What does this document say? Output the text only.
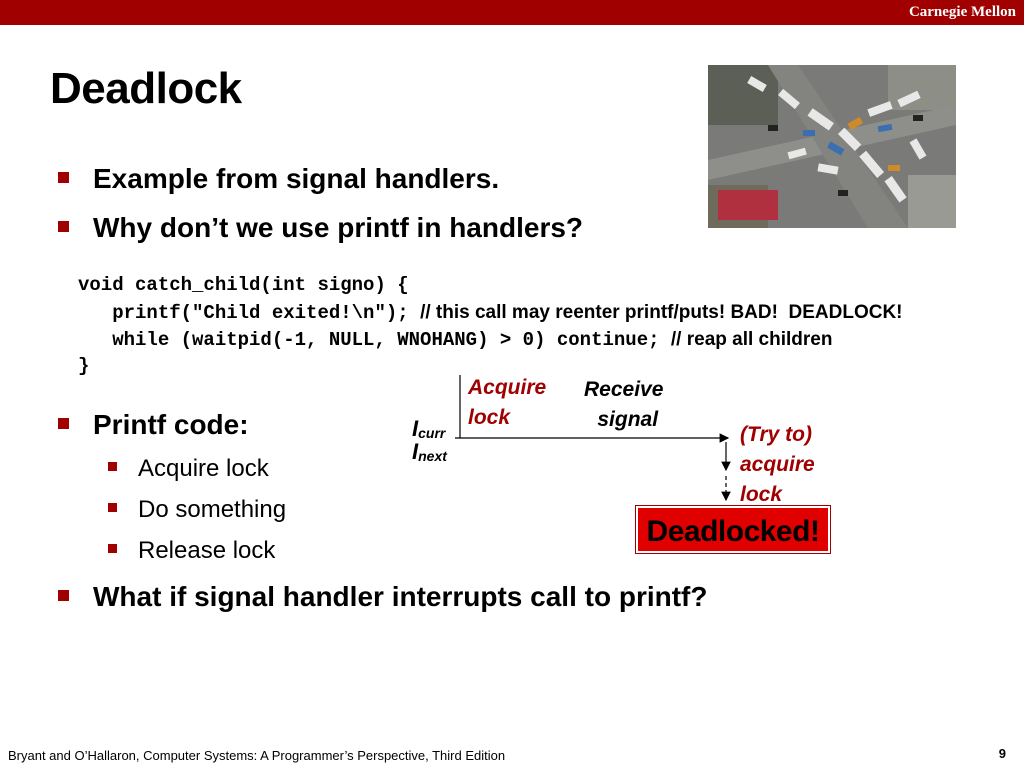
Carnegie Mellon
Deadlock
Example from signal handlers.
Why don’t we use printf in handlers?
void catch_child(int signo) {
printf("Child exited!\n"); // this call may reenter printf/puts! BAD!  DEADLOCK!
while (waitpid(-1, NULL, WNOHANG) > 0) continue; // reap all children
}
Printf code:
Acquire lock
Do something
Release lock
What if signal handler interrupts call to printf?
Acquire
lock
Receive
signal
(Try to)
acquire
lock
$I_{curr}$
$I_{next}$
Deadlocked!
Bryant and O’Hallaron, Computer Systems: A Programmer’s Perspective, Third Edition	9
